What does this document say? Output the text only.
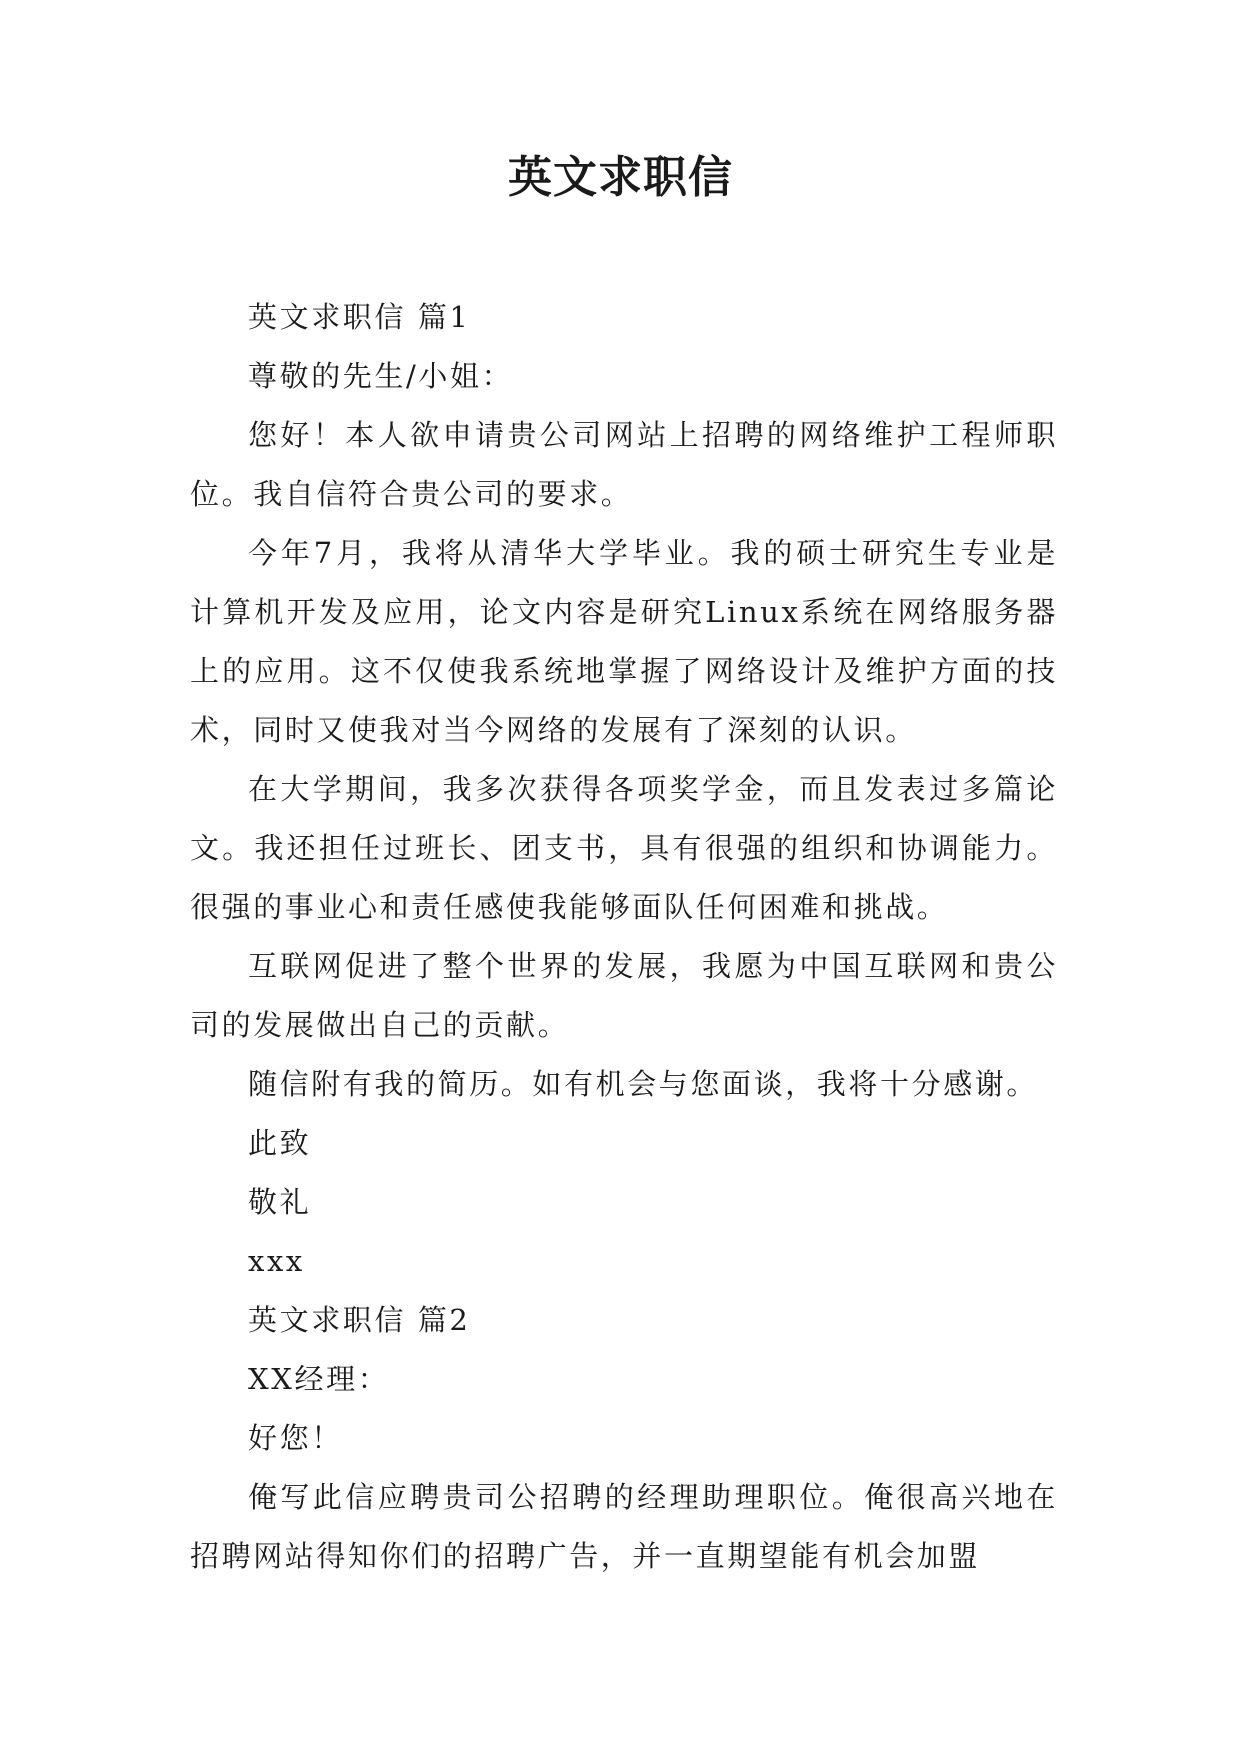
英文求职信

英文求职信 篇1

尊敬的先生/小姐：

您好！本人欲申请贵公司网站上招聘的网络维护工程师职位。我自信符合贵公司的要求。

今年7月，我将从清华大学毕业。我的硕士研究生专业是计算机开发及应用，论文内容是研究Linux系统在网络服务器上的应用。这不仅使我系统地掌握了网络设计及维护方面的技术，同时又使我对当今网络的发展有了深刻的认识。

在大学期间，我多次获得各项奖学金，而且发表过多篇论文。我还担任过班长、团支书，具有很强的组织和协调能力。很强的事业心和责任感使我能够面队任何困难和挑战。

互联网促进了整个世界的发展，我愿为中国互联网和贵公司的发展做出自己的贡献。

随信附有我的简历。如有机会与您面谈，我将十分感谢。

此致

敬礼

xxx

英文求职信 篇2

XX经理：

好您！

俺写此信应聘贵司公招聘的经理助理职位。俺很高兴地在招聘网站得知你们的招聘广告，并一直期望能有机会加盟
